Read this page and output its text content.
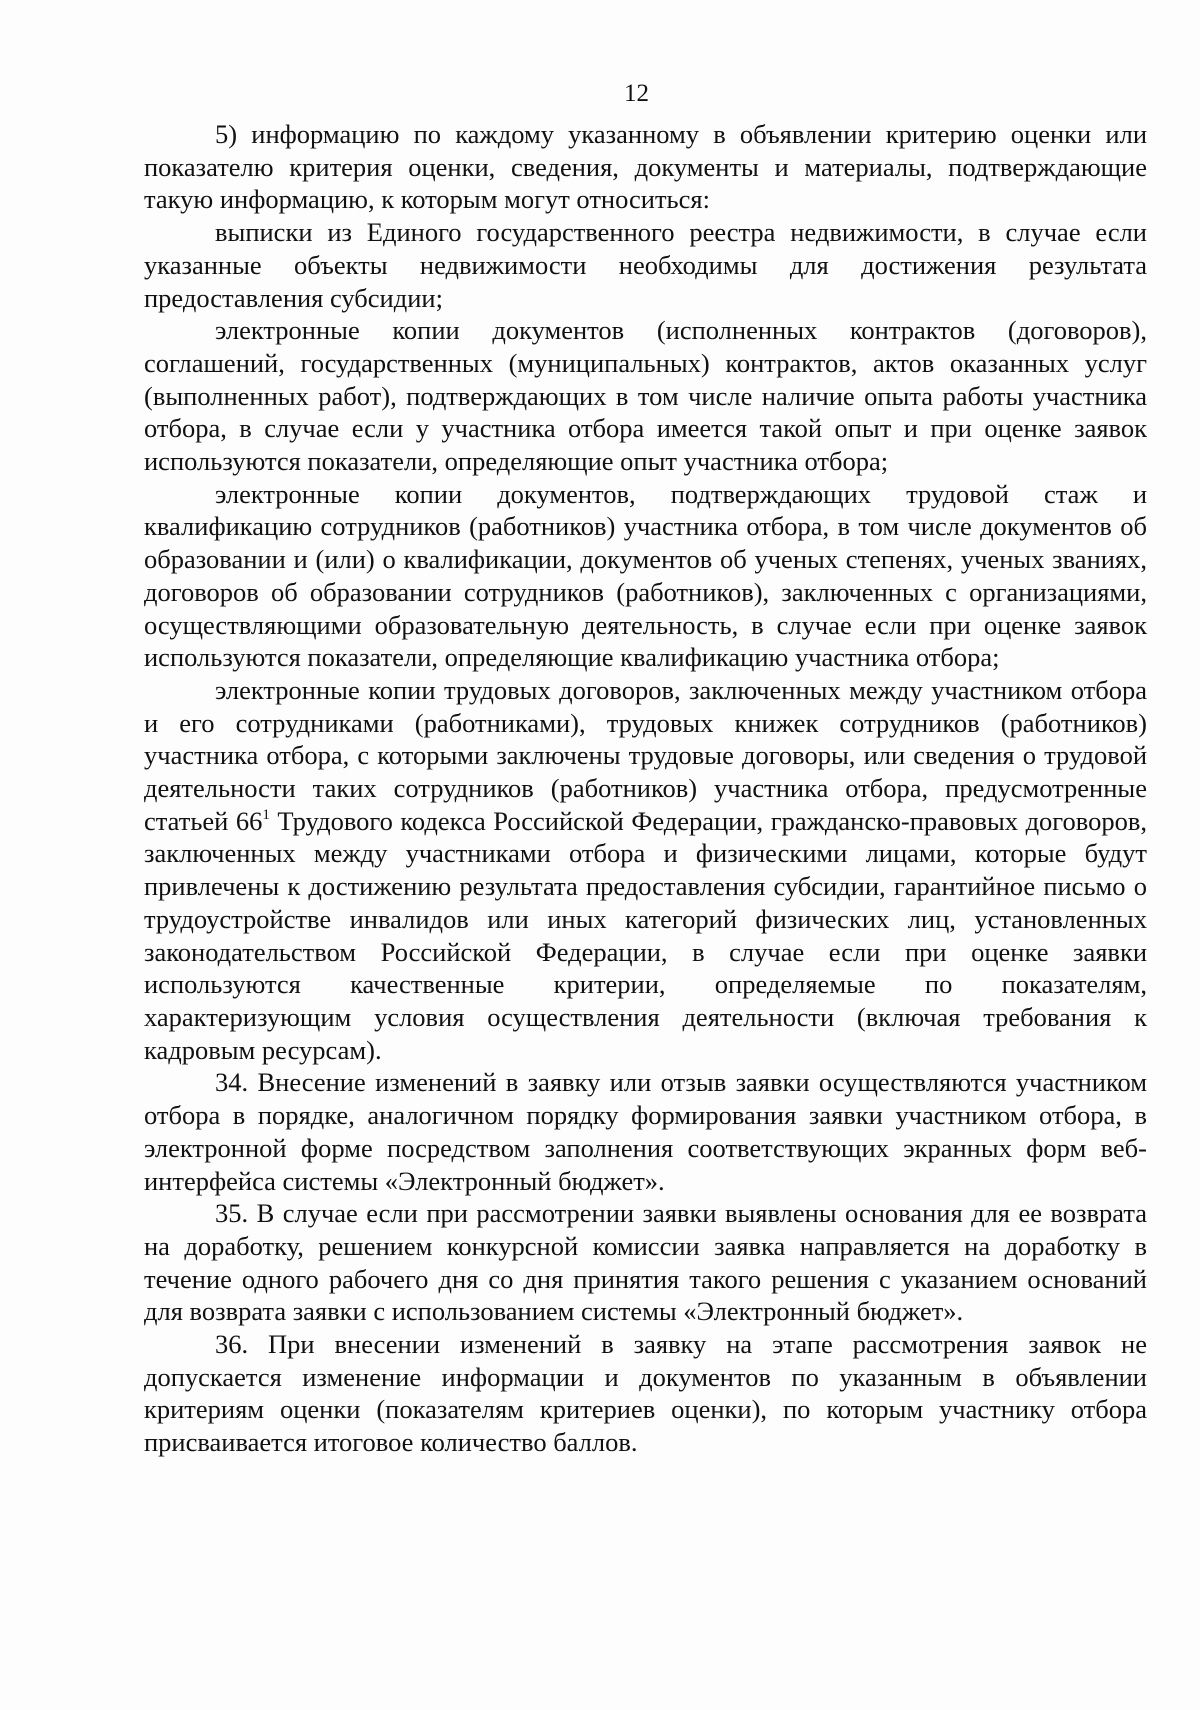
12

5) информацию по каждому указанному в объявлении критерию оценки или показателю критерия оценки, сведения, документы и материалы, подтверждающие такую информацию, к которым могут относиться:

выписки из Единого государственного реестра недвижимости, в случае если указанные объекты недвижимости необходимы для достижения результата предоставления субсидии;

электронные копии документов (исполненных контрактов (договоров), соглашений, государственных (муниципальных) контрактов, актов оказанных услуг (выполненных работ), подтверждающих в том числе наличие опыта работы участника отбора, в случае если у участника отбора имеется такой опыт и при оценке заявок используются показатели, определяющие опыт участника отбора;

электронные копии документов, подтверждающих трудовой стаж и квалификацию сотрудников (работников) участника отбора, в том числе документов об образовании и (или) о квалификации, документов об ученых степенях, ученых званиях, договоров об образовании сотрудников (работников), заключенных с организациями, осуществляющими образовательную деятельность, в случае если при оценке заявок используются показатели, определяющие квалификацию участника отбора;

электронные копии трудовых договоров, заключенных между участником отбора и его сотрудниками (работниками), трудовых книжек сотрудников (работников) участника отбора, с которыми заключены трудовые договоры, или сведения о трудовой деятельности таких сотрудников (работников) участника отбора, предусмотренные статьей 66$^1$ Трудового кодекса Российской Федерации, гражданско-правовых договоров, заключенных между участниками отбора и физическими лицами, которые будут привлечены к достижению результата предоставления субсидии, гарантийное письмо о трудоустройстве инвалидов или иных категорий физических лиц, установленных законодательством Российской Федерации, в случае если при оценке заявки используются качественные критерии, определяемые по показателям, характеризующим условия осуществления деятельности (включая требования к кадровым ресурсам).

34. Внесение изменений в заявку или отзыв заявки осуществляются участником отбора в порядке, аналогичном порядку формирования заявки участником отбора, в электронной форме посредством заполнения соответствующих экранных форм веб-интерфейса системы «Электронный бюджет».

35. В случае если при рассмотрении заявки выявлены основания для ее возврата на доработку, решением конкурсной комиссии заявка направляется на доработку в течение одного рабочего дня со дня принятия такого решения с указанием оснований для возврата заявки с использованием системы «Электронный бюджет».

36. При внесении изменений в заявку на этапе рассмотрения заявок не допускается изменение информации и документов по указанным в объявлении критериям оценки (показателям критериев оценки), по которым участнику отбора присваивается итоговое количество баллов.
